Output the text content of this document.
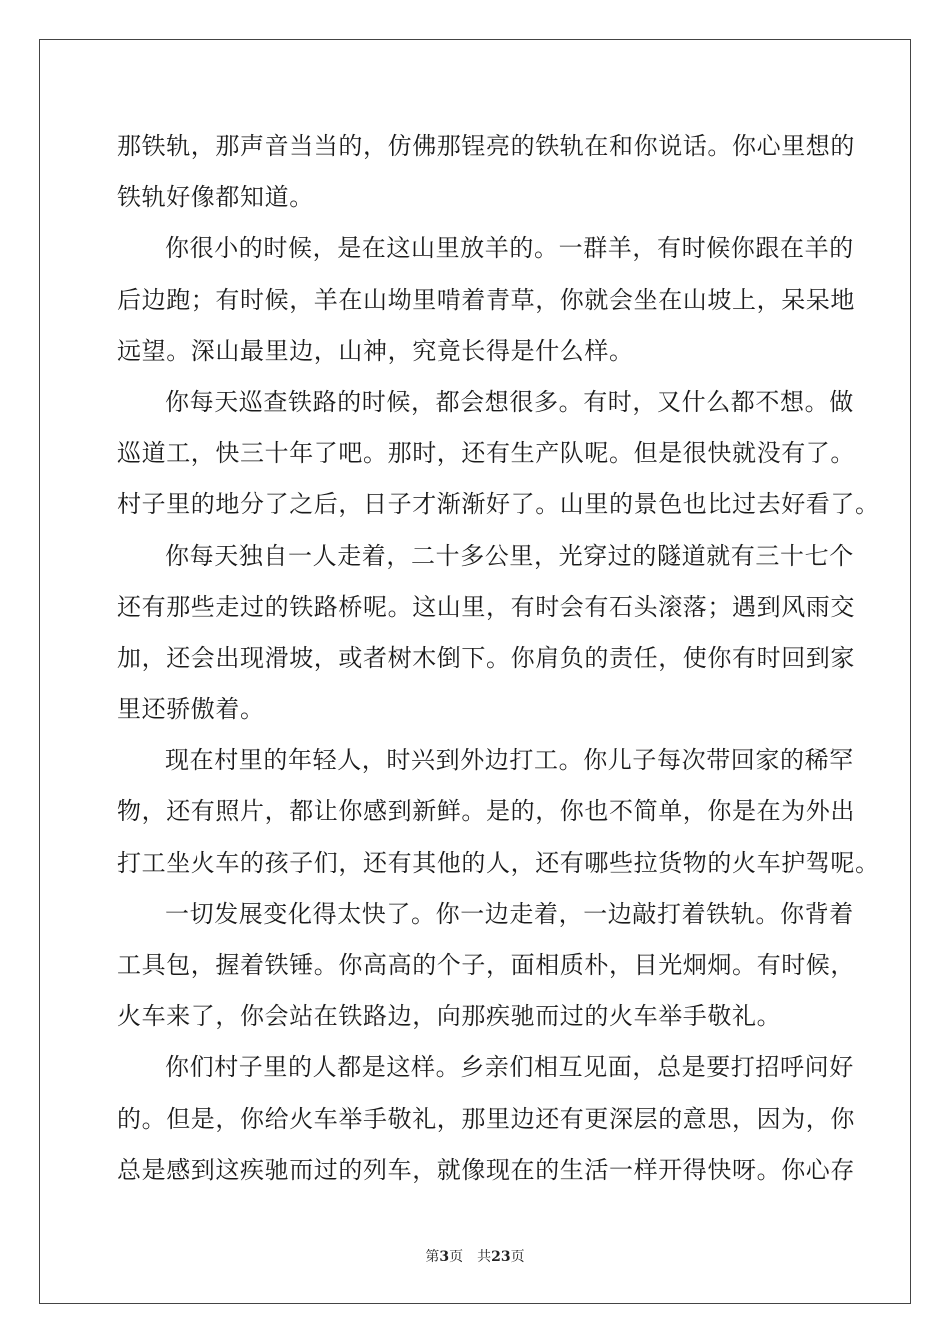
那铁轨，那声音当当的，仿佛那锃亮的铁轨在和你说话。你心里想的
铁轨好像都知道。
你很小的时候，是在这山里放羊的。一群羊，有时候你跟在羊的
后边跑；有时候，羊在山坳里啃着青草，你就会坐在山坡上，呆呆地
远望。深山最里边，山神，究竟长得是什么样。
你每天巡查铁路的时候，都会想很多。有时，又什么都不想。做
巡道工，快三十年了吧。那时，还有生产队呢。但是很快就没有了。
村子里的地分了之后，日子才渐渐好了。山里的景色也比过去好看了。
你每天独自一人走着，二十多公里，光穿过的隧道就有三十七个
还有那些走过的铁路桥呢。这山里，有时会有石头滚落；遇到风雨交
加，还会出现滑坡，或者树木倒下。你肩负的责任，使你有时回到家
里还骄傲着。
现在村里的年轻人，时兴到外边打工。你儿子每次带回家的稀罕
物，还有照片，都让你感到新鲜。是的，你也不简单，你是在为外出
打工坐火车的孩子们，还有其他的人，还有哪些拉货物的火车护驾呢。
一切发展变化得太快了。你一边走着，一边敲打着铁轨。你背着
工具包，握着铁锤。你高高的个子，面相质朴，目光炯炯。有时候，
火车来了，你会站在铁路边，向那疾驰而过的火车举手敬礼。
你们村子里的人都是这样。乡亲们相互见面，总是要打招呼问好
的。但是，你给火车举手敬礼，那里边还有更深层的意思，因为，你
总是感到这疾驰而过的列车，就像现在的生活一样开得快呀。你心存
第3页 共23页
